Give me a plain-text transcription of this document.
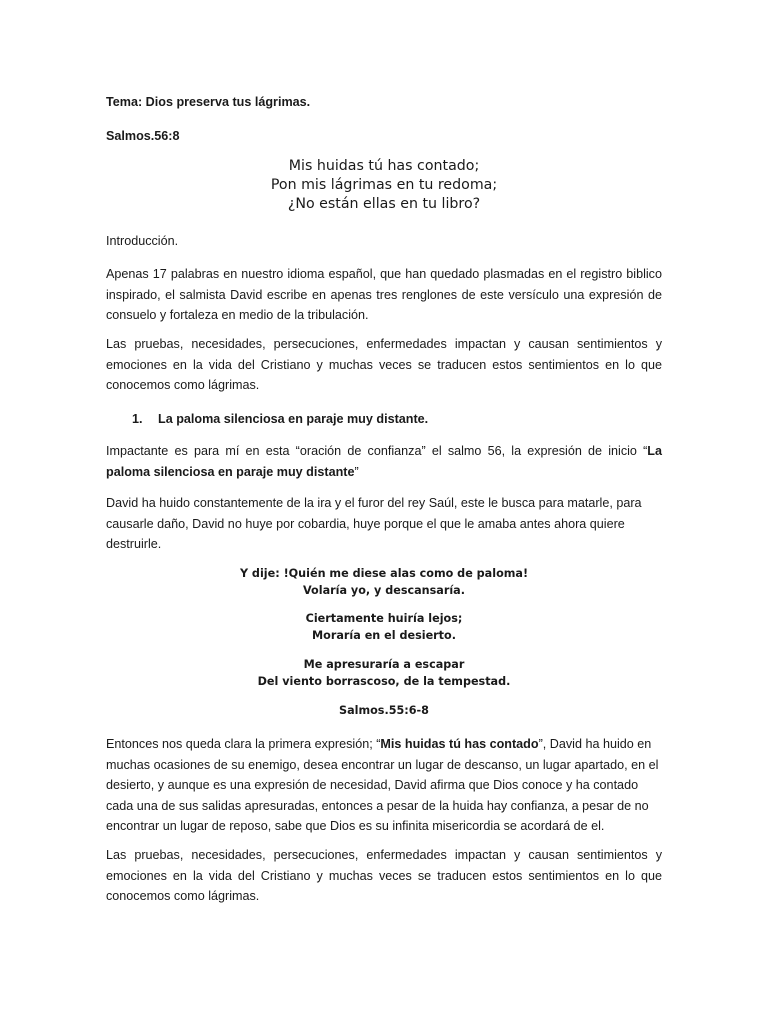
Tema: Dios preserva tus lágrimas.

Salmos.56:8

Mis huidas tú has contado;
Pon mis lágrimas en tu redoma;
¿No están ellas en tu libro?

Introducción.

Apenas 17 palabras en nuestro idioma español, que han quedado plasmadas en el registro biblico inspirado, el salmista David escribe en apenas tres renglones de este versículo una expresión de consuelo y fortaleza en medio de la tribulación.

Las pruebas, necesidades, persecuciones, enfermedades impactan y causan sentimientos y emociones en la vida del Cristiano y muchas veces se traducen estos sentimientos en lo que conocemos como lágrimas.

1. La paloma silenciosa en paraje muy distante.

Impactante es para mí en esta “oración de confianza” el salmo 56, la expresión de inicio “La paloma silenciosa en paraje muy distante”

David ha huido constantemente de la ira y el furor del rey Saúl, este le busca para matarle, para causarle daño, David no huye por cobardia, huye porque el que le amaba antes ahora quiere destruirle.

Y dije: !Quién me diese alas como de paloma!
Volaría yo, y descansaría.
Ciertamente huiría lejos;
Moraría en el desierto.
Me apresuraría a escapar
Del viento borrascoso, de la tempestad.

Salmos.55:6-8

Entonces nos queda clara la primera expresión; “Mis huidas tú has contado”, David ha huido en muchas ocasiones de su enemigo, desea encontrar un lugar de descanso, un lugar apartado, en el desierto, y aunque es una expresión de necesidad, David afirma que Dios conoce y ha contado cada una de sus salidas apresuradas, entonces a pesar de la huida hay confianza, a pesar de no encontrar un lugar de reposo, sabe que Dios es su infinita misericordia se acordará de el.

Las pruebas, necesidades, persecuciones, enfermedades impactan y causan sentimientos y emociones en la vida del Cristiano y muchas veces se traducen estos sentimientos en lo que conocemos como lágrimas.
